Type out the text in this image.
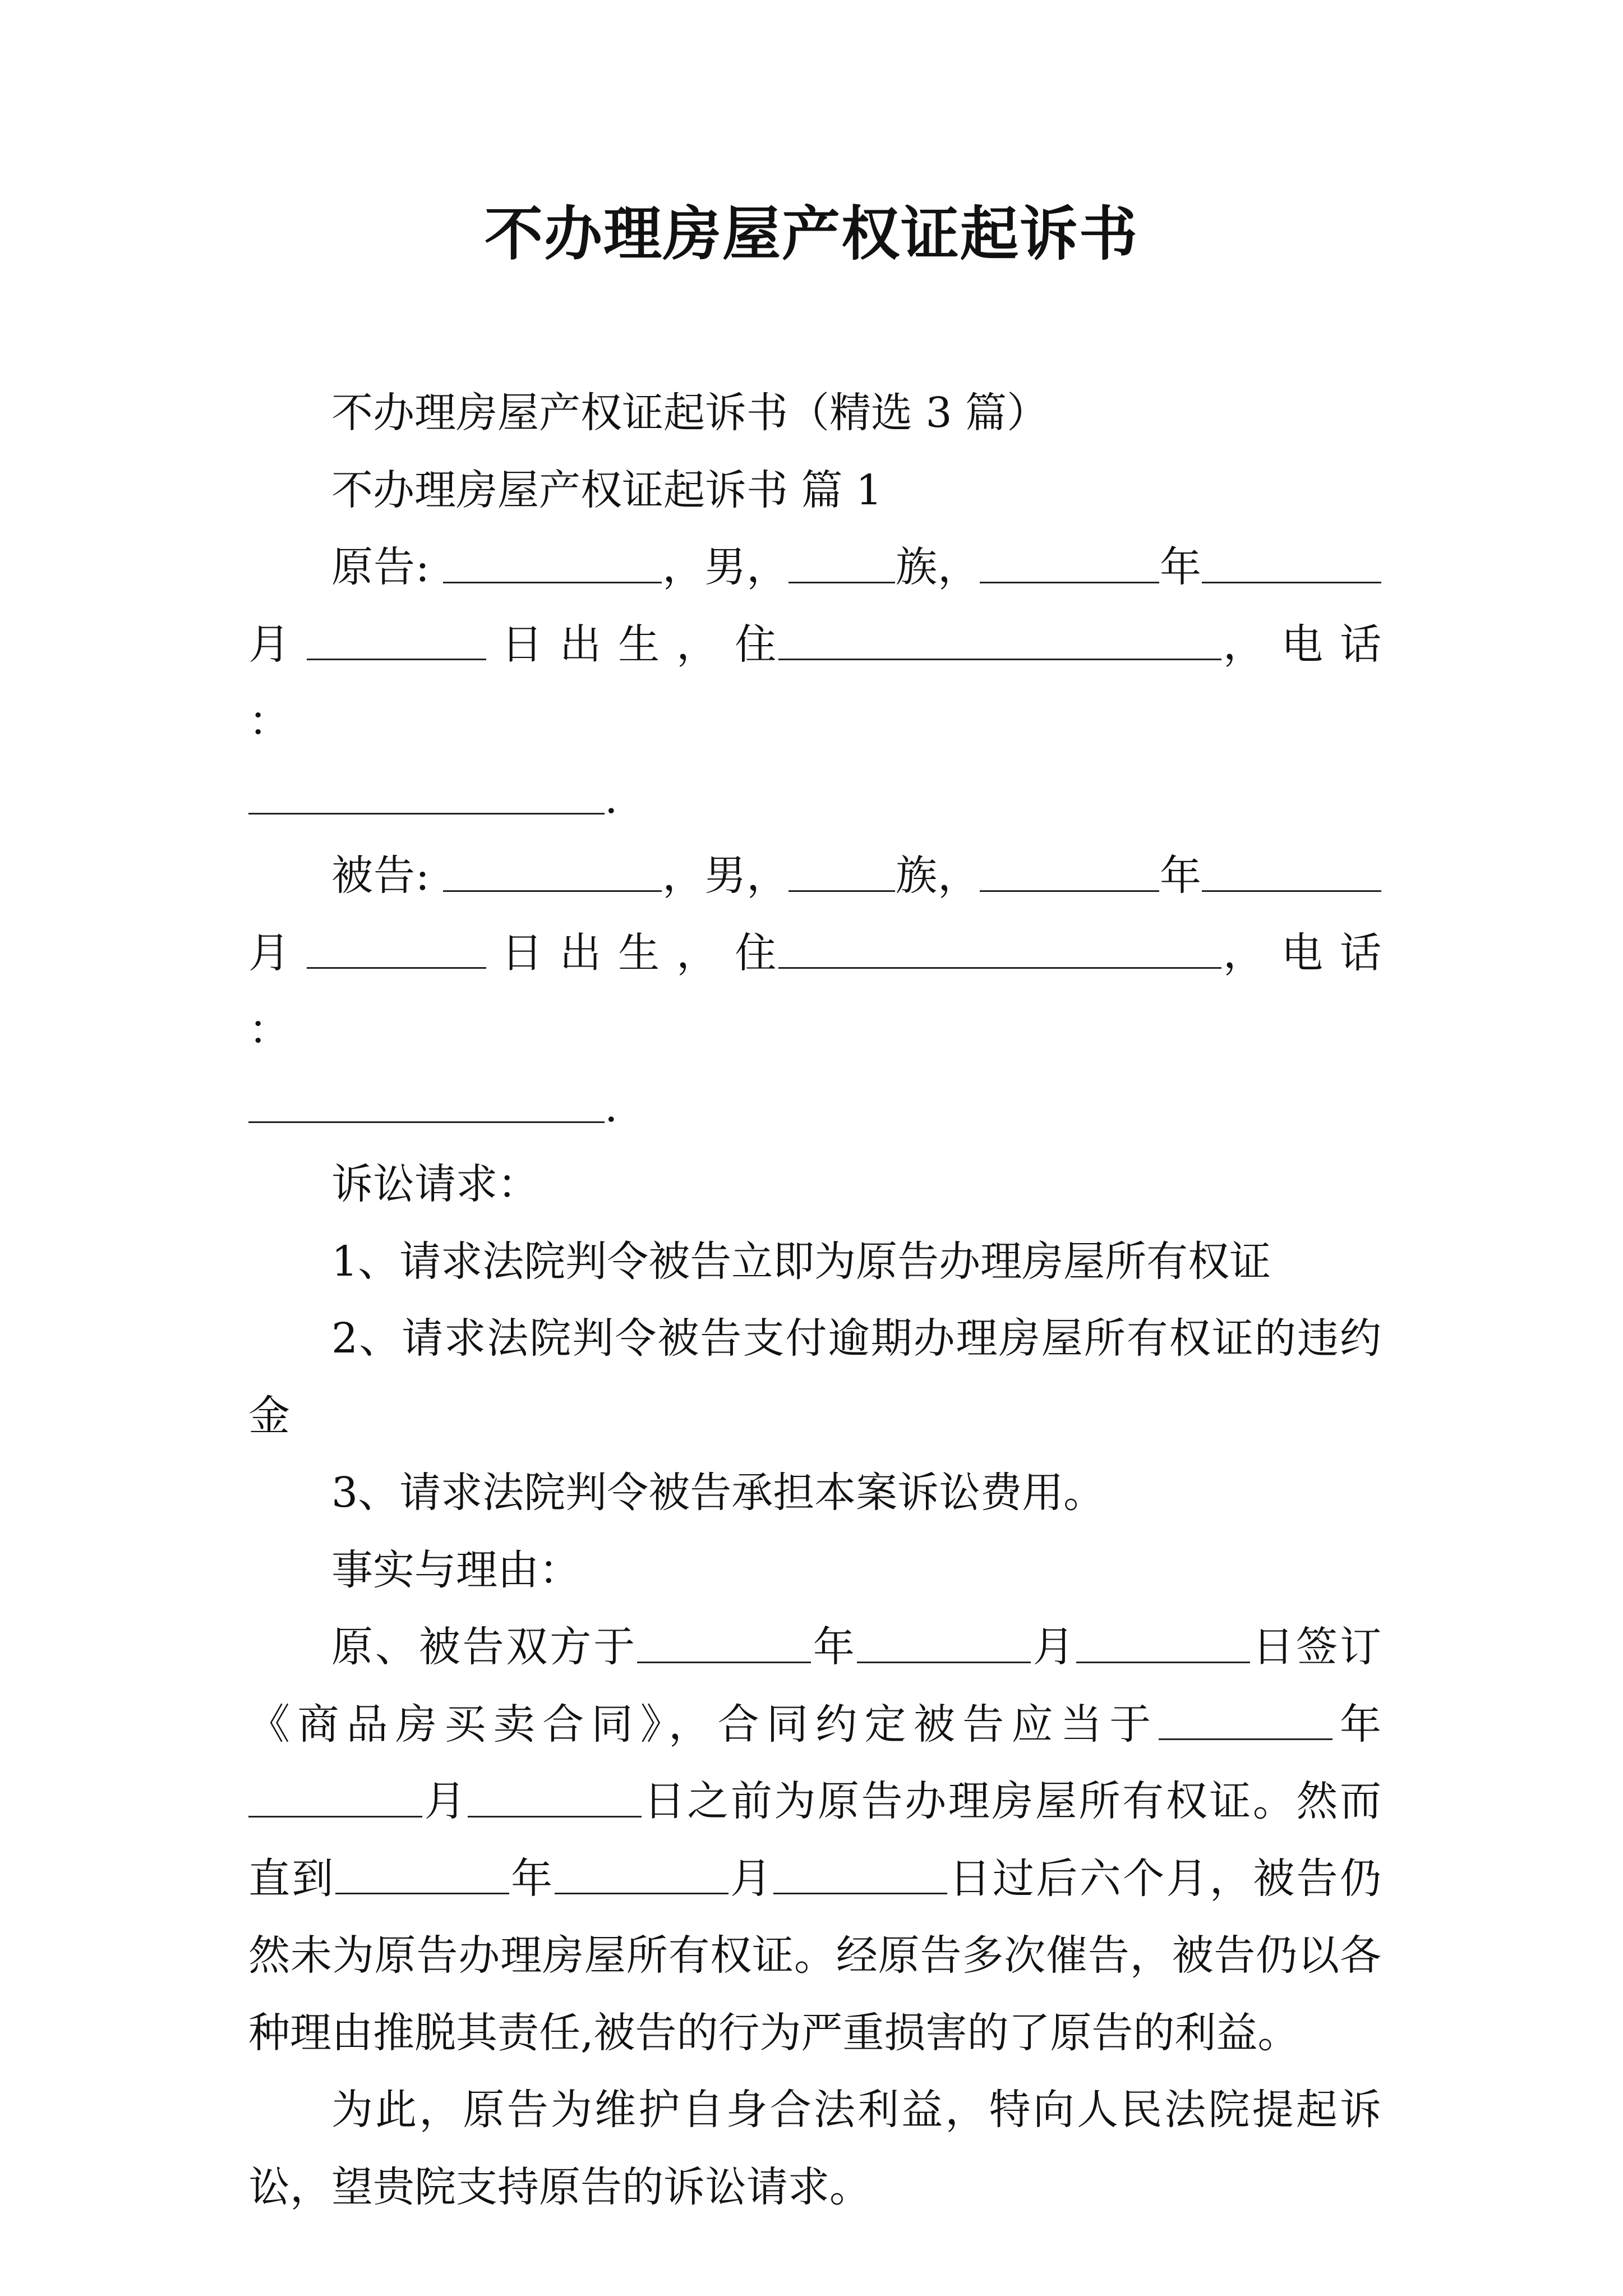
不办理房屋产权证起诉书

不办理房屋产权证起诉书（精选 3 篇）

不办理房屋产权证起诉书 篇 1

原告:	，男，	族，	年月	日 出 生 ， 住	， 电 话 ：
.

被告:	，男，	族，	年月	日 出 生 ， 住	， 电 话 ：
.

诉讼请求：

1、请求法院判令被告立即为原告办理房屋所有权证

2、请求法院判令被告支付逾期办理房屋所有权证的违约金

3、请求法院判令被告承担本案诉讼费用。

事实与理由：

原、被告双方于	年	月	日签订《商品房买卖合同》，合同约定被告应当于	年月	日之前为原告办理房屋所有权证。然而直到	年	月	日过后六个月，被告仍然未为原告办理房屋所有权证。经原告多次催告，被告仍以各种理由推脱其责任,被告的行为严重损害的了原告的利益。

为此，原告为维护自身合法利益，特向人民法院提起诉讼，望贵院支持原告的诉讼请求。
